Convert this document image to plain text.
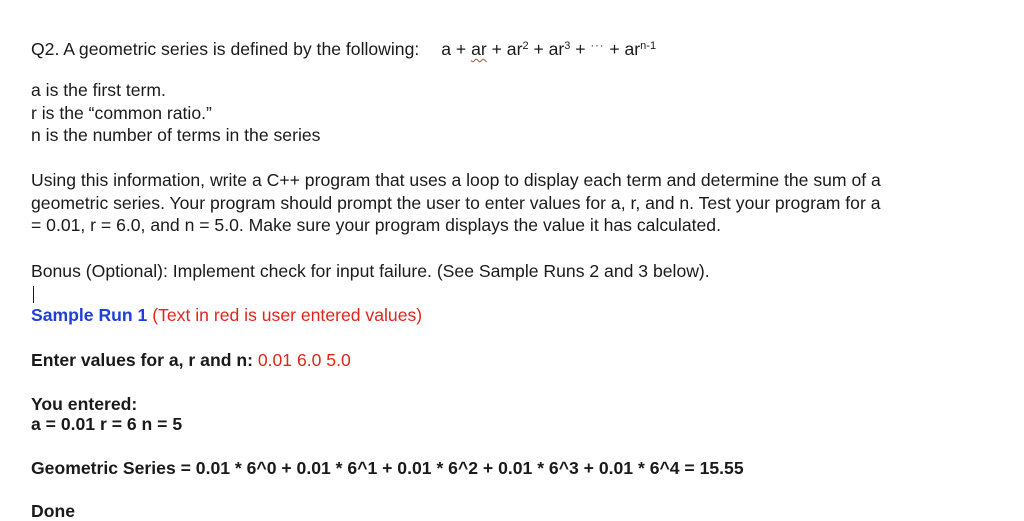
Q2. A geometric series is defined by the following: a + ar + $ar^2 + ar^3 + ^{\cdot\cdot\cdot} + ar^{n-1}$
a is the first term.
r is the “common ratio.”
n is the number of terms in the series
Using this information, write a C++ program that uses a loop to display each term and determine the sum of a
geometric series. Your program should prompt the user to enter values for a, r, and n. Test your program for a
= 0.01, r = 6.0, and n = 5.0. Make sure your program displays the value it has calculated.
Bonus (Optional): Implement check for input failure. (See Sample Runs 2 and 3 below).
Sample Run 1 (Text in red is user entered values)
Enter values for a, r and n: 0.01 6.0 5.0
You entered:
a = 0.01 r = 6 n = 5
Geometric Series = 0.01 * 6^0 + 0.01 * 6^1 + 0.01 * 6^2 + 0.01 * 6^3 + 0.01 * 6^4 = 15.55
Done
